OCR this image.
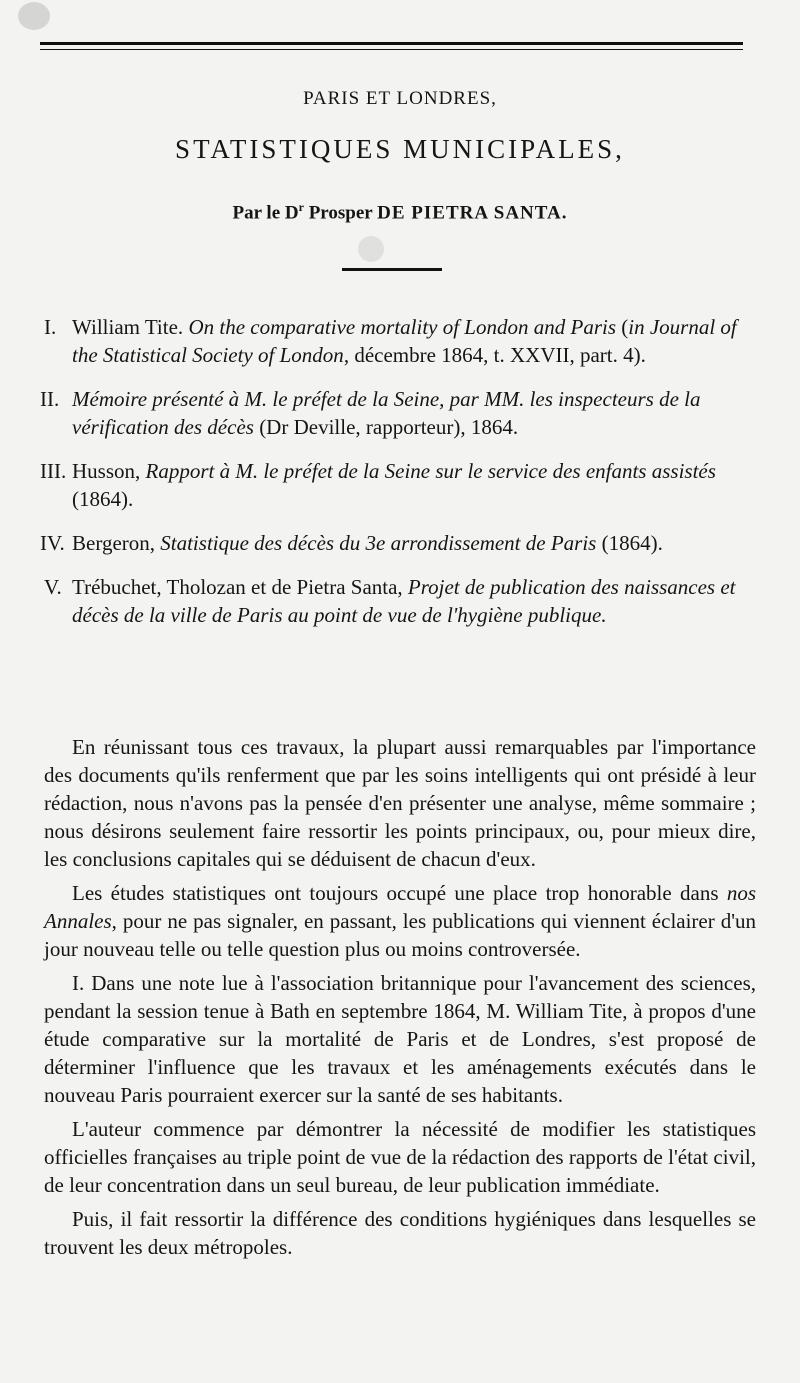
PARIS ET LONDRES,
STATISTIQUES MUNICIPALES,
Par le $D^r$ Prosper DE PIETRA SANTA.
I. William Tite. On the comparative mortality of London and Paris (in Journal of the Statistical Society of London, décembre 1864, t. XXVII, part. 4).
II. Mémoire présenté à M. le préfet de la Seine, par MM. les inspecteurs de la vérification des décès (Dr Deville, rapporteur), 1864.
III. Husson, Rapport à M. le préfet de la Seine sur le service des enfants assistés (1864).
IV. Bergeron, Statistique des décès du 3e arrondissement de Paris (1864).
V. Trébuchet, Tholozan et de Pietra Santa, Projet de publication des naissances et décès de la ville de Paris au point de vue de l'hygiène publique.

En réunissant tous ces travaux, la plupart aussi remarquables par l'importance des documents qu'ils renferment que par les soins intelligents qui ont présidé à leur rédaction, nous n'avons pas la pensée d'en présenter une analyse, même sommaire ; nous désirons seulement faire ressortir les points principaux, ou, pour mieux dire, les conclusions capitales qui se déduisent de chacun d'eux.

Les études statistiques ont toujours occupé une place trop honorable dans nos Annales, pour ne pas signaler, en passant, les publications qui viennent éclairer d'un jour nouveau telle ou telle question plus ou moins controversée.

I. Dans une note lue à l'association britannique pour l'avancement des sciences, pendant la session tenue à Bath en septembre 1864, M. William Tite, à propos d'une étude comparative sur la mortalité de Paris et de Londres, s'est proposé de déterminer l'influence que les travaux et les aménagements exécutés dans le nouveau Paris pourraient exercer sur la santé de ses habitants.

L'auteur commence par démontrer la nécessité de modifier les statistiques officielles françaises au triple point de vue de la rédaction des rapports de l'état civil, de leur concentration dans un seul bureau, de leur publication immédiate.

Puis, il fait ressortir la différence des conditions hygiéniques dans lesquelles se trouvent les deux métropoles.
